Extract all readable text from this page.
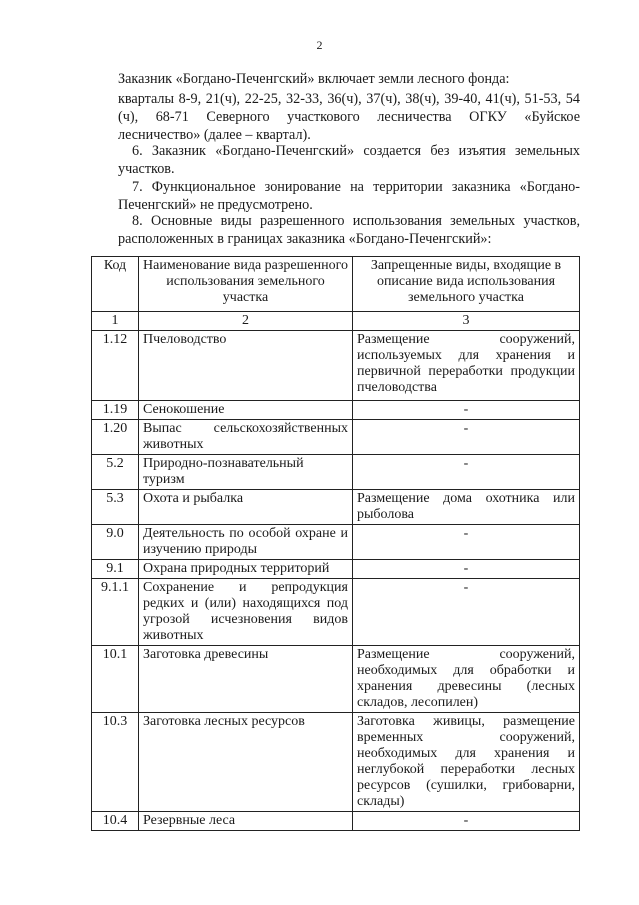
2

Заказник «Богдано-Печенгский» включает земли лесного фонда:

кварталы 8-9, 21(ч), 22-25, 32-33, 36(ч), 37(ч), 38(ч), 39-40, 41(ч), 51-53, 54 (ч), 68-71 Северного участкового лесничества ОГКУ «Буйское лесничество» (далее – квартал).

6. Заказник «Богдано-Печенгский» создается без изъятия земельных участков.

7. Функциональное зонирование на территории заказника «Богдано-Печенгский» не предусмотрено.

8. Основные виды разрешенного использования земельных участков, расположенных в границах заказника «Богдано-Печенгский»:

Код	Наименование вида разрешенного использования земельного участка	Запрещенные виды, входящие в описание вида использования земельного участка
1	2	3
1.12	Пчеловодство	Размещение сооружений, используемых для хранения и первичной переработки продукции пчеловодства
1.19	Сенокошение	-
1.20	Выпас сельскохозяйственных животных	-
5.2	Природно-познавательный туризм	-
5.3	Охота и рыбалка	Размещение дома охотника или рыболова
9.0	Деятельность по особой охране и изучению природы	-
9.1	Охрана природных территорий	-
9.1.1	Сохранение и репродукция редких и (или) находящихся под угрозой исчезновения видов животных	-
10.1	Заготовка древесины	Размещение сооружений, необходимых для обработки и хранения древесины (лесных складов, лесопилен)
10.3	Заготовка лесных ресурсов	Заготовка живицы, размещение временных сооружений, необходимых для хранения и неглубокой переработки лесных ресурсов (сушилки, грибоварни, склады)
10.4	Резервные леса	-
